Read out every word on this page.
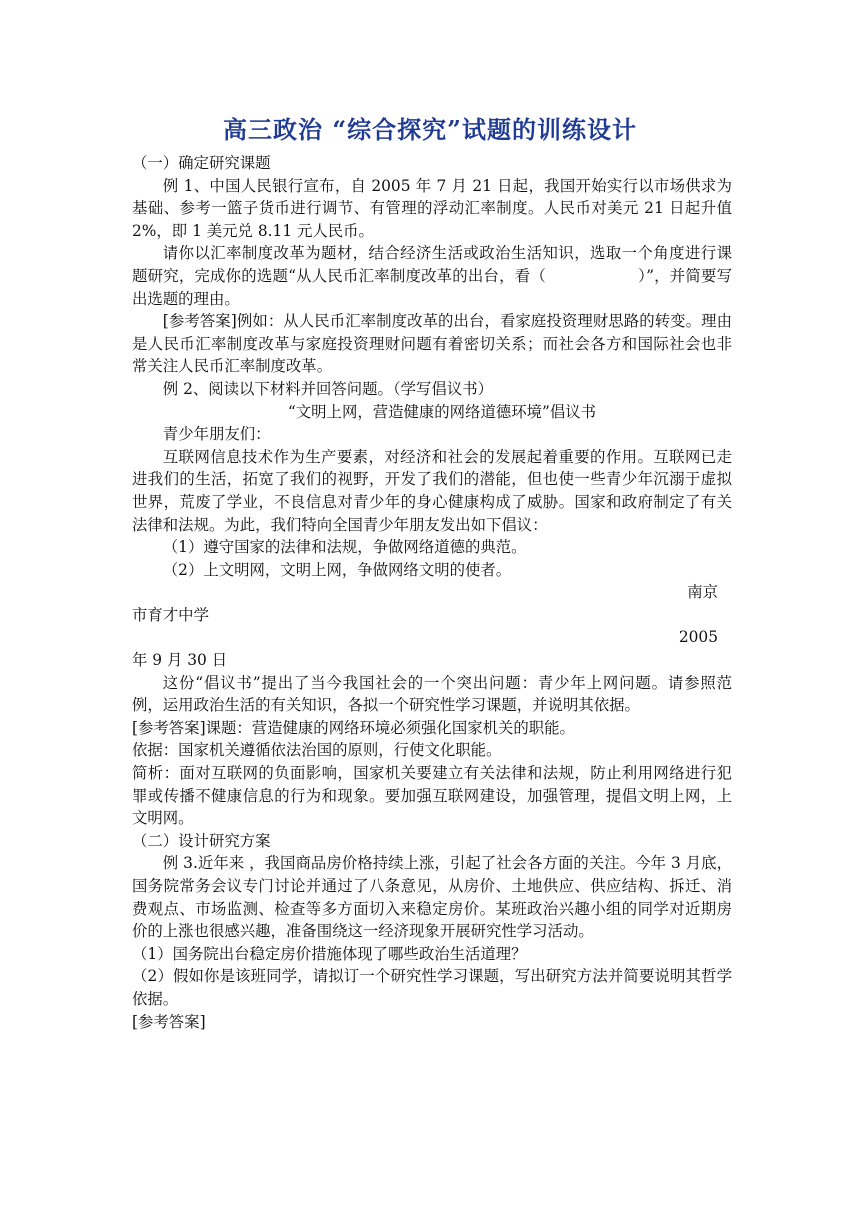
高三政治 “综合探究”试题的训练设计

（一）确定研究课题

例 1、中国人民银行宣布，自 2005 年 7 月 21 日起，我国开始实行以市场供求为基础、参考一篮子货币进行调节、有管理的浮动汇率制度。人民币对美元 21 日起升值 2%，即 1 美元兑 8.11 元人民币。

请你以汇率制度改革为题材，结合经济生活或政治生活知识，选取一个角度进行课题研究，完成你的选题“从人民币汇率制度改革的出台，看（	）”，并简要写出选题的理由。

[参考答案]例如：从人民币汇率制度改革的出台，看家庭投资理财思路的转变。理由是人民币汇率制度改革与家庭投资理财问题有着密切关系；而社会各方和国际社会也非常关注人民币汇率制度改革。

例 2、阅读以下材料并回答问题。（学写倡议书）

“文明上网，营造健康的网络道德环境”倡议书

青少年朋友们：

互联网信息技术作为生产要素，对经济和社会的发展起着重要的作用。互联网已走进我们的生活，拓宽了我们的视野，开发了我们的潜能，但也使一些青少年沉溺于虚拟世界，荒废了学业，不良信息对青少年的身心健康构成了威胁。国家和政府制定了有关法律和法规。为此，我们特向全国青少年朋友发出如下倡议：

（1）遵守国家的法律和法规，争做网络道德的典范。

（2）上文明网，文明上网，争做网络文明的使者。

南京

市育才中学

2005

年 9 月 30 日

这份“倡议书”提出了当今我国社会的一个突出问题：青少年上网问题。请参照范例，运用政治生活的有关知识，各拟一个研究性学习课题，并说明其依据。

[参考答案]课题：营造健康的网络环境必须强化国家机关的职能。

依据：国家机关遵循依法治国的原则，行使文化职能。

简析：面对互联网的负面影响，国家机关要建立有关法律和法规，防止利用网络进行犯罪或传播不健康信息的行为和现象。要加强互联网建设，加强管理，提倡文明上网，上文明网。

（二）设计研究方案

例 3.近年来 ，我国商品房价格持续上涨，引起了社会各方面的关注。今年 3 月底，国务院常务会议专门讨论并通过了八条意见，从房价、土地供应、供应结构、拆迁、消费观点、市场监测、检查等多方面切入来稳定房价。某班政治兴趣小组的同学对近期房价的上涨也很感兴趣，准备围绕这一经济现象开展研究性学习活动。

（1）国务院出台稳定房价措施体现了哪些政治生活道理？

（2）假如你是该班同学，请拟订一个研究性学习课题，写出研究方法并简要说明其哲学依据。

[参考答案]
